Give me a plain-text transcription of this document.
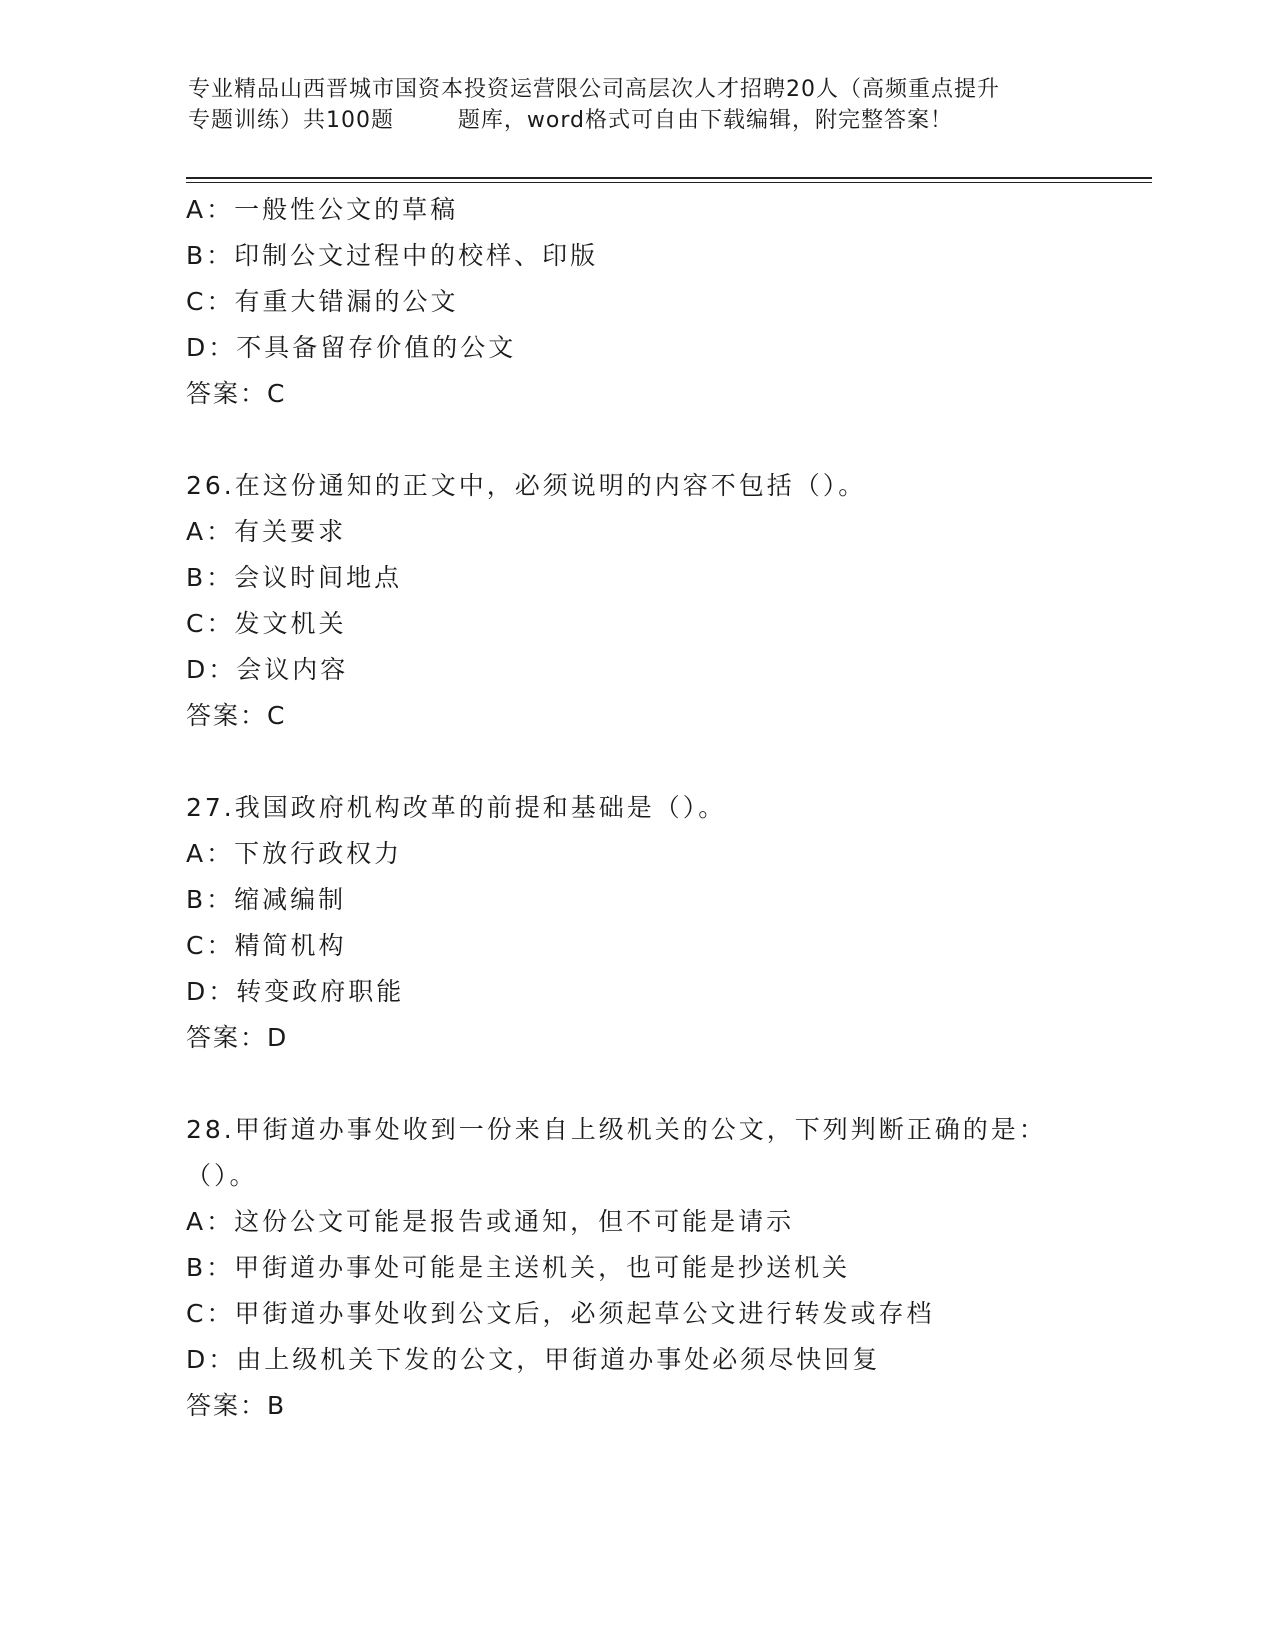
专业精品山西晋城市国资本投资运营限公司高层次人才招聘20人（高频重点提升
专题训练）共100题        题库，word格式可自由下载编辑，附完整答案！
A：一般性公文的草稿
B：印制公文过程中的校样、印版
C：有重大错漏的公文
D：不具备留存价值的公文
答案：C
26.在这份通知的正文中，必须说明的内容不包括（）。
A：有关要求
B：会议时间地点
C：发文机关
D：会议内容
答案：C
27.我国政府机构改革的前提和基础是（）。
A：下放行政权力
B：缩减编制
C：精简机构
D：转变政府职能
答案：D
28.甲街道办事处收到一份来自上级机关的公文，下列判断正确的是：
（）。
A：这份公文可能是报告或通知，但不可能是请示
B：甲街道办事处可能是主送机关，也可能是抄送机关
C：甲街道办事处收到公文后，必须起草公文进行转发或存档
D：由上级机关下发的公文，甲街道办事处必须尽快回复
答案：B
